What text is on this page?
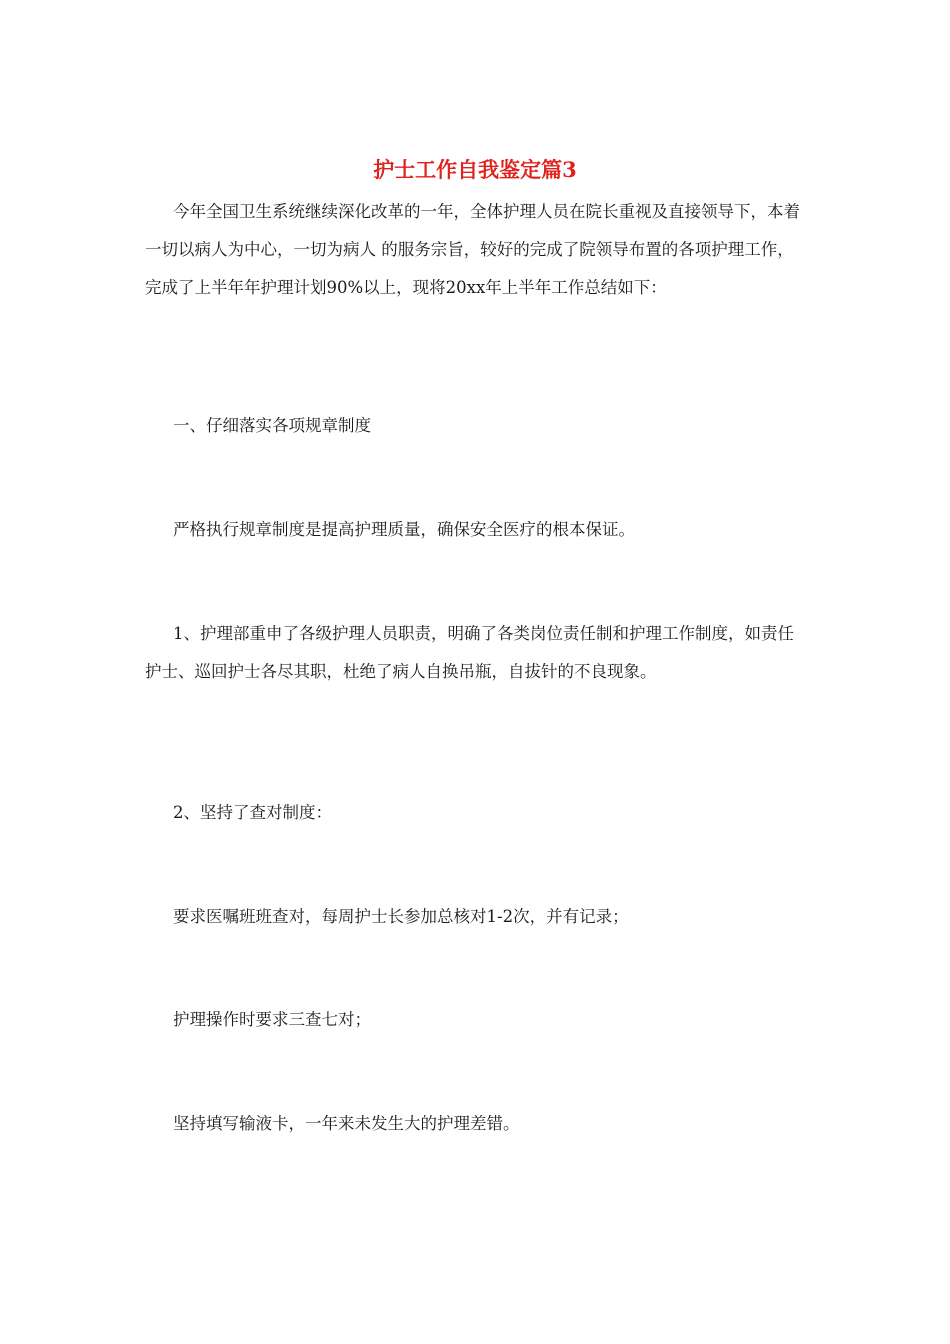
护士工作自我鉴定篇3

今年全国卫生系统继续深化改革的一年，全体护理人员在院长重视及直接领导下，本着 一切以病人为中心，一切为病人 的服务宗旨，较好的完成了院领导布置的各项护理工作，完成了上半年年护理计划90%以上，现将20xx年上半年工作总结如下：

一、仔细落实各项规章制度

严格执行规章制度是提高护理质量，确保安全医疗的根本保证。

1、护理部重申了各级护理人员职责，明确了各类岗位责任制和护理工作制度，如责任护士、巡回护士各尽其职，杜绝了病人自换吊瓶，自拔针的不良现象。

2、坚持了查对制度：

要求医嘱班班查对，每周护士长参加总核对1-2次，并有记录；

护理操作时要求三查七对；

坚持填写输液卡，一年来未发生大的护理差错。
